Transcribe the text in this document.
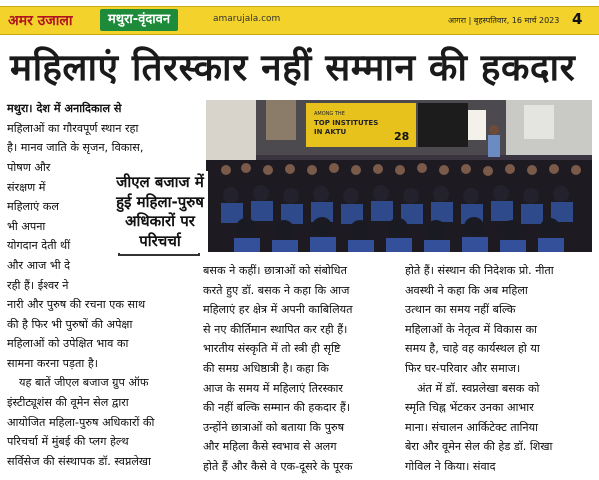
अमर उजाला	मथुरा-वृंदावन	amarujala.com	आगरा | बृहस्पतिवार, 16 मार्च 2023 4
महिलाएं तिरस्कार नहीं सम्मान की हकदार
मथुरा। देश में अनादिकाल से
महिलाओं का गौरवपूर्ण स्थान रहा
है। मानव जाति के सृजन, विकास,
पोषण और
संरक्षण में
महिलाएं कल
भी अपना
योगदान देती थीं
और आज भी दे
रही हैं। ईश्वर ने
नारी और पुरुष की रचना एक साथ
की है फिर भी पुरुषों की अपेक्षा
महिलाओं को उपेक्षित भाव का
सामना करना पड़ता है।
यह बातें जीएल बजाज ग्रुप ऑफ
इंस्टीट्यूशंस की वूमेन सेल द्वारा
आयोजित महिला-पुरुष अधिकारों की
परिचर्चा में मुंबई की प्लग हेल्थ
सर्विसेज की संस्थापक डॉ. स्वप्नलेखा
AMONG THE
TOP INSTITUTES
IN AKTU	28
जीएल बजाज में हुई महिला-पुरुष अधिकारों पर परिचर्चा
बसक ने कहीं। छात्राओं को संबोधित
करते हुए डॉ. बसक ने कहा कि आज
महिलाएं हर क्षेत्र में अपनी काबिलियत
से नए कीर्तिमान स्थापित कर रही हैं।
भारतीय संस्कृति में तो स्त्री ही सृष्टि
की समग्र अधिष्ठात्री है। कहा कि
आज के समय में महिलाएं तिरस्कार
की नहीं बल्कि सम्मान की हकदार हैं।
उन्होंने छात्राओं को बताया कि पुरुष
और महिला कैसे स्वभाव से अलग
होते हैं और कैसे वे एक-दूसरे के पूरक
होते हैं। संस्थान की निदेशक प्रो. नीता
अवस्थी ने कहा कि अब महिला
उत्थान का समय नहीं बल्कि
महिलाओं के नेतृत्व में विकास का
समय है, चाहे वह कार्यस्थल हो या
फिर घर-परिवार और समाज।
अंत में डॉ. स्वप्नलेखा बसक को
स्मृति चिह्न भेंटकर उनका आभार
माना। संचालन आर्किटेक्ट तानिया
बेरा और वूमेन सेल की हेड डॉ. शिखा
गोविल ने किया। संवाद
